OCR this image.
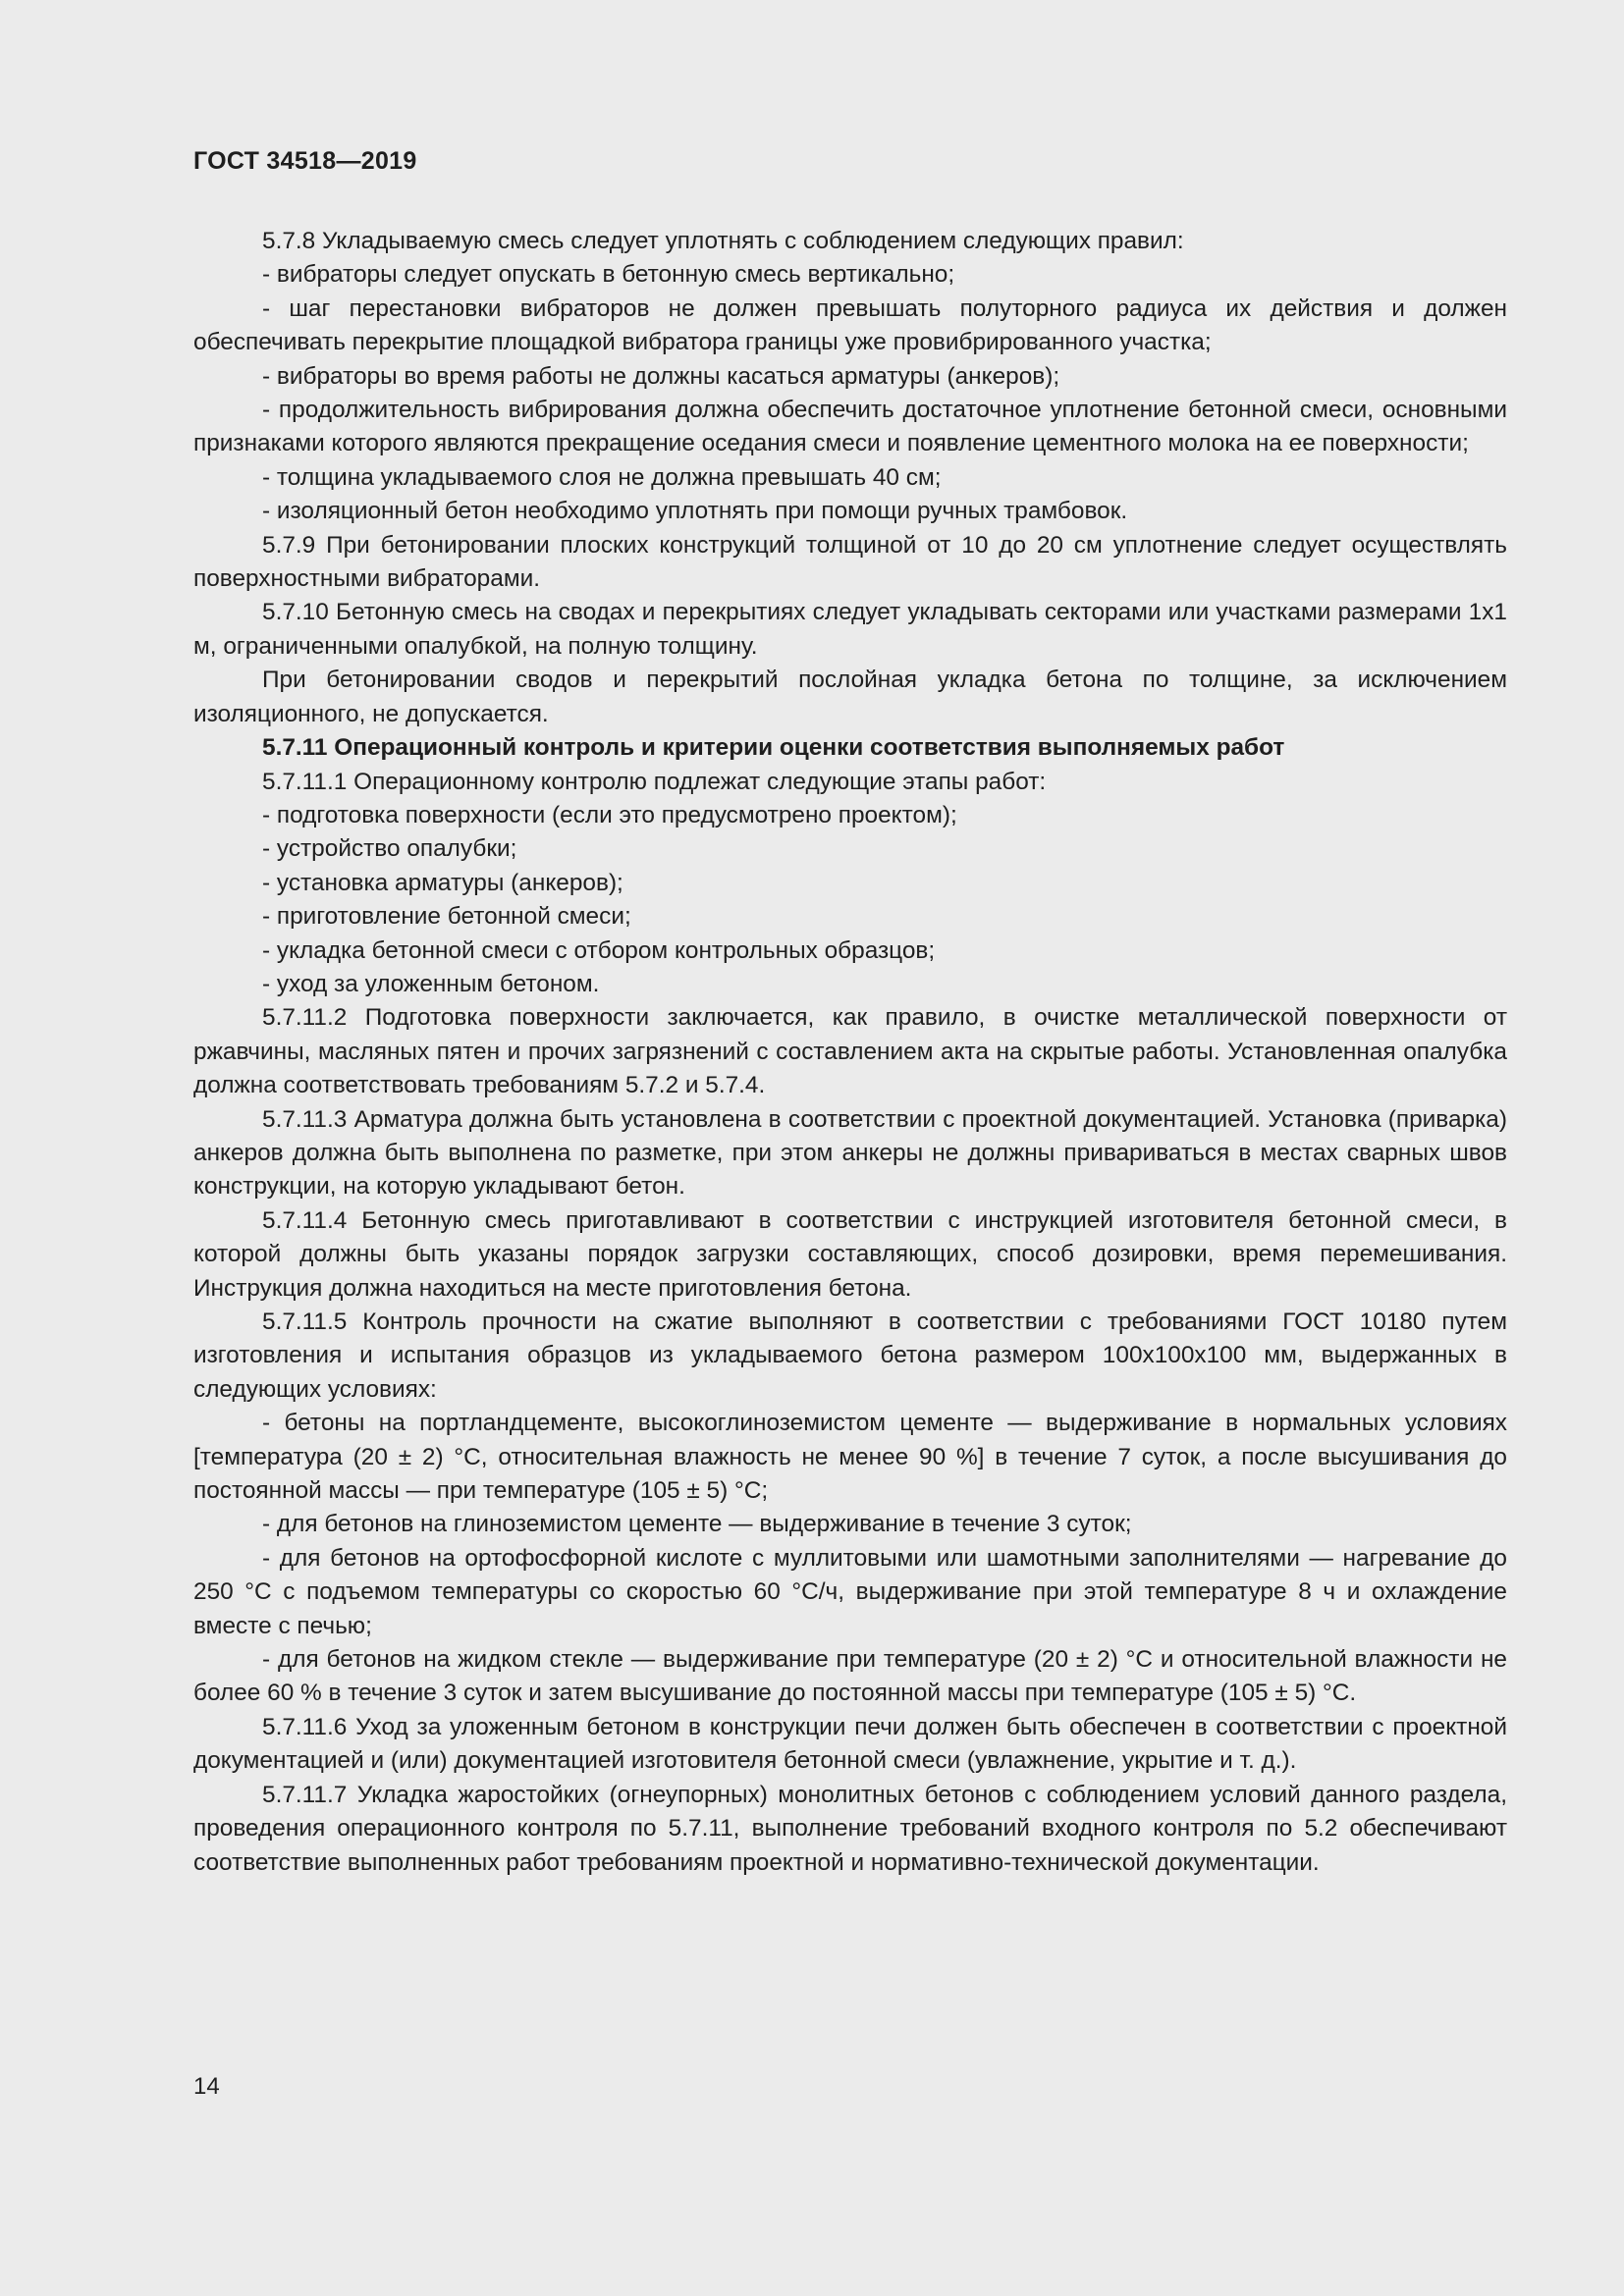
ГОСТ 34518—2019

5.7.8 Укладываемую смесь следует уплотнять с соблюдением следующих правил:

- вибраторы следует опускать в бетонную смесь вертикально;

- шаг перестановки вибраторов не должен превышать полуторного радиуса их действия и должен обеспечивать перекрытие площадкой вибратора границы уже провибрированного участка;

- вибраторы во время работы не должны касаться арматуры (анкеров);

- продолжительность вибрирования должна обеспечить достаточное уплотнение бетонной смеси, основными признаками которого являются прекращение оседания смеси и появление цементного молока на ее поверхности;

- толщина укладываемого слоя не должна превышать 40 см;

- изоляционный бетон необходимо уплотнять при помощи ручных трамбовок.

5.7.9 При бетонировании плоских конструкций толщиной от 10 до 20 см уплотнение следует осуществлять поверхностными вибраторами.

5.7.10 Бетонную смесь на сводах и перекрытиях следует укладывать секторами или участками размерами 1x1 м, ограниченными опалубкой, на полную толщину.

При бетонировании сводов и перекрытий послойная укладка бетона по толщине, за исключением изоляционного, не допускается.

5.7.11 Операционный контроль и критерии оценки соответствия выполняемых работ

5.7.11.1 Операционному контролю подлежат следующие этапы работ:

- подготовка поверхности (если это предусмотрено проектом);

- устройство опалубки;

- установка арматуры (анкеров);

- приготовление бетонной смеси;

- укладка бетонной смеси с отбором контрольных образцов;

- уход за уложенным бетоном.

5.7.11.2 Подготовка поверхности заключается, как правило, в очистке металлической поверхности от ржавчины, масляных пятен и прочих загрязнений с составлением акта на скрытые работы. Установленная опалубка должна соответствовать требованиям 5.7.2 и 5.7.4.

5.7.11.3 Арматура должна быть установлена в соответствии с проектной документацией. Установка (приварка) анкеров должна быть выполнена по разметке, при этом анкеры не должны привариваться в местах сварных швов конструкции, на которую укладывают бетон.

5.7.11.4 Бетонную смесь приготавливают в соответствии с инструкцией изготовителя бетонной смеси, в которой должны быть указаны порядок загрузки составляющих, способ дозировки, время перемешивания. Инструкция должна находиться на месте приготовления бетона.

5.7.11.5 Контроль прочности на сжатие выполняют в соответствии с требованиями ГОСТ 10180 путем изготовления и испытания образцов из укладываемого бетона размером 100x100x100 мм, выдержанных в следующих условиях:

- бетоны на портландцементе, высокоглиноземистом цементе — выдерживание в нормальных условиях [температура (20 ± 2) °С, относительная влажность не менее 90 %] в течение 7 суток, а после высушивания до постоянной массы — при температуре (105 ± 5) °С;

- для бетонов на глиноземистом цементе — выдерживание в течение 3 суток;

- для бетонов на ортофосфорной кислоте с муллитовыми или шамотными заполнителями — нагревание до 250 °С с подъемом температуры со скоростью 60 °С/ч, выдерживание при этой температуре 8 ч и охлаждение вместе с печью;

- для бетонов на жидком стекле — выдерживание при температуре (20 ± 2) °С и относительной влажности не более 60 % в течение 3 суток и затем высушивание до постоянной массы при температуре (105 ± 5) °С.

5.7.11.6 Уход за уложенным бетоном в конструкции печи должен быть обеспечен в соответствии с проектной документацией и (или) документацией изготовителя бетонной смеси (увлажнение, укрытие и т. д.).

5.7.11.7 Укладка жаростойких (огнеупорных) монолитных бетонов с соблюдением условий данного раздела, проведения операционного контроля по 5.7.11, выполнение требований входного контроля по 5.2 обеспечивают соответствие выполненных работ требованиям проектной и нормативно-технической документации.

14
